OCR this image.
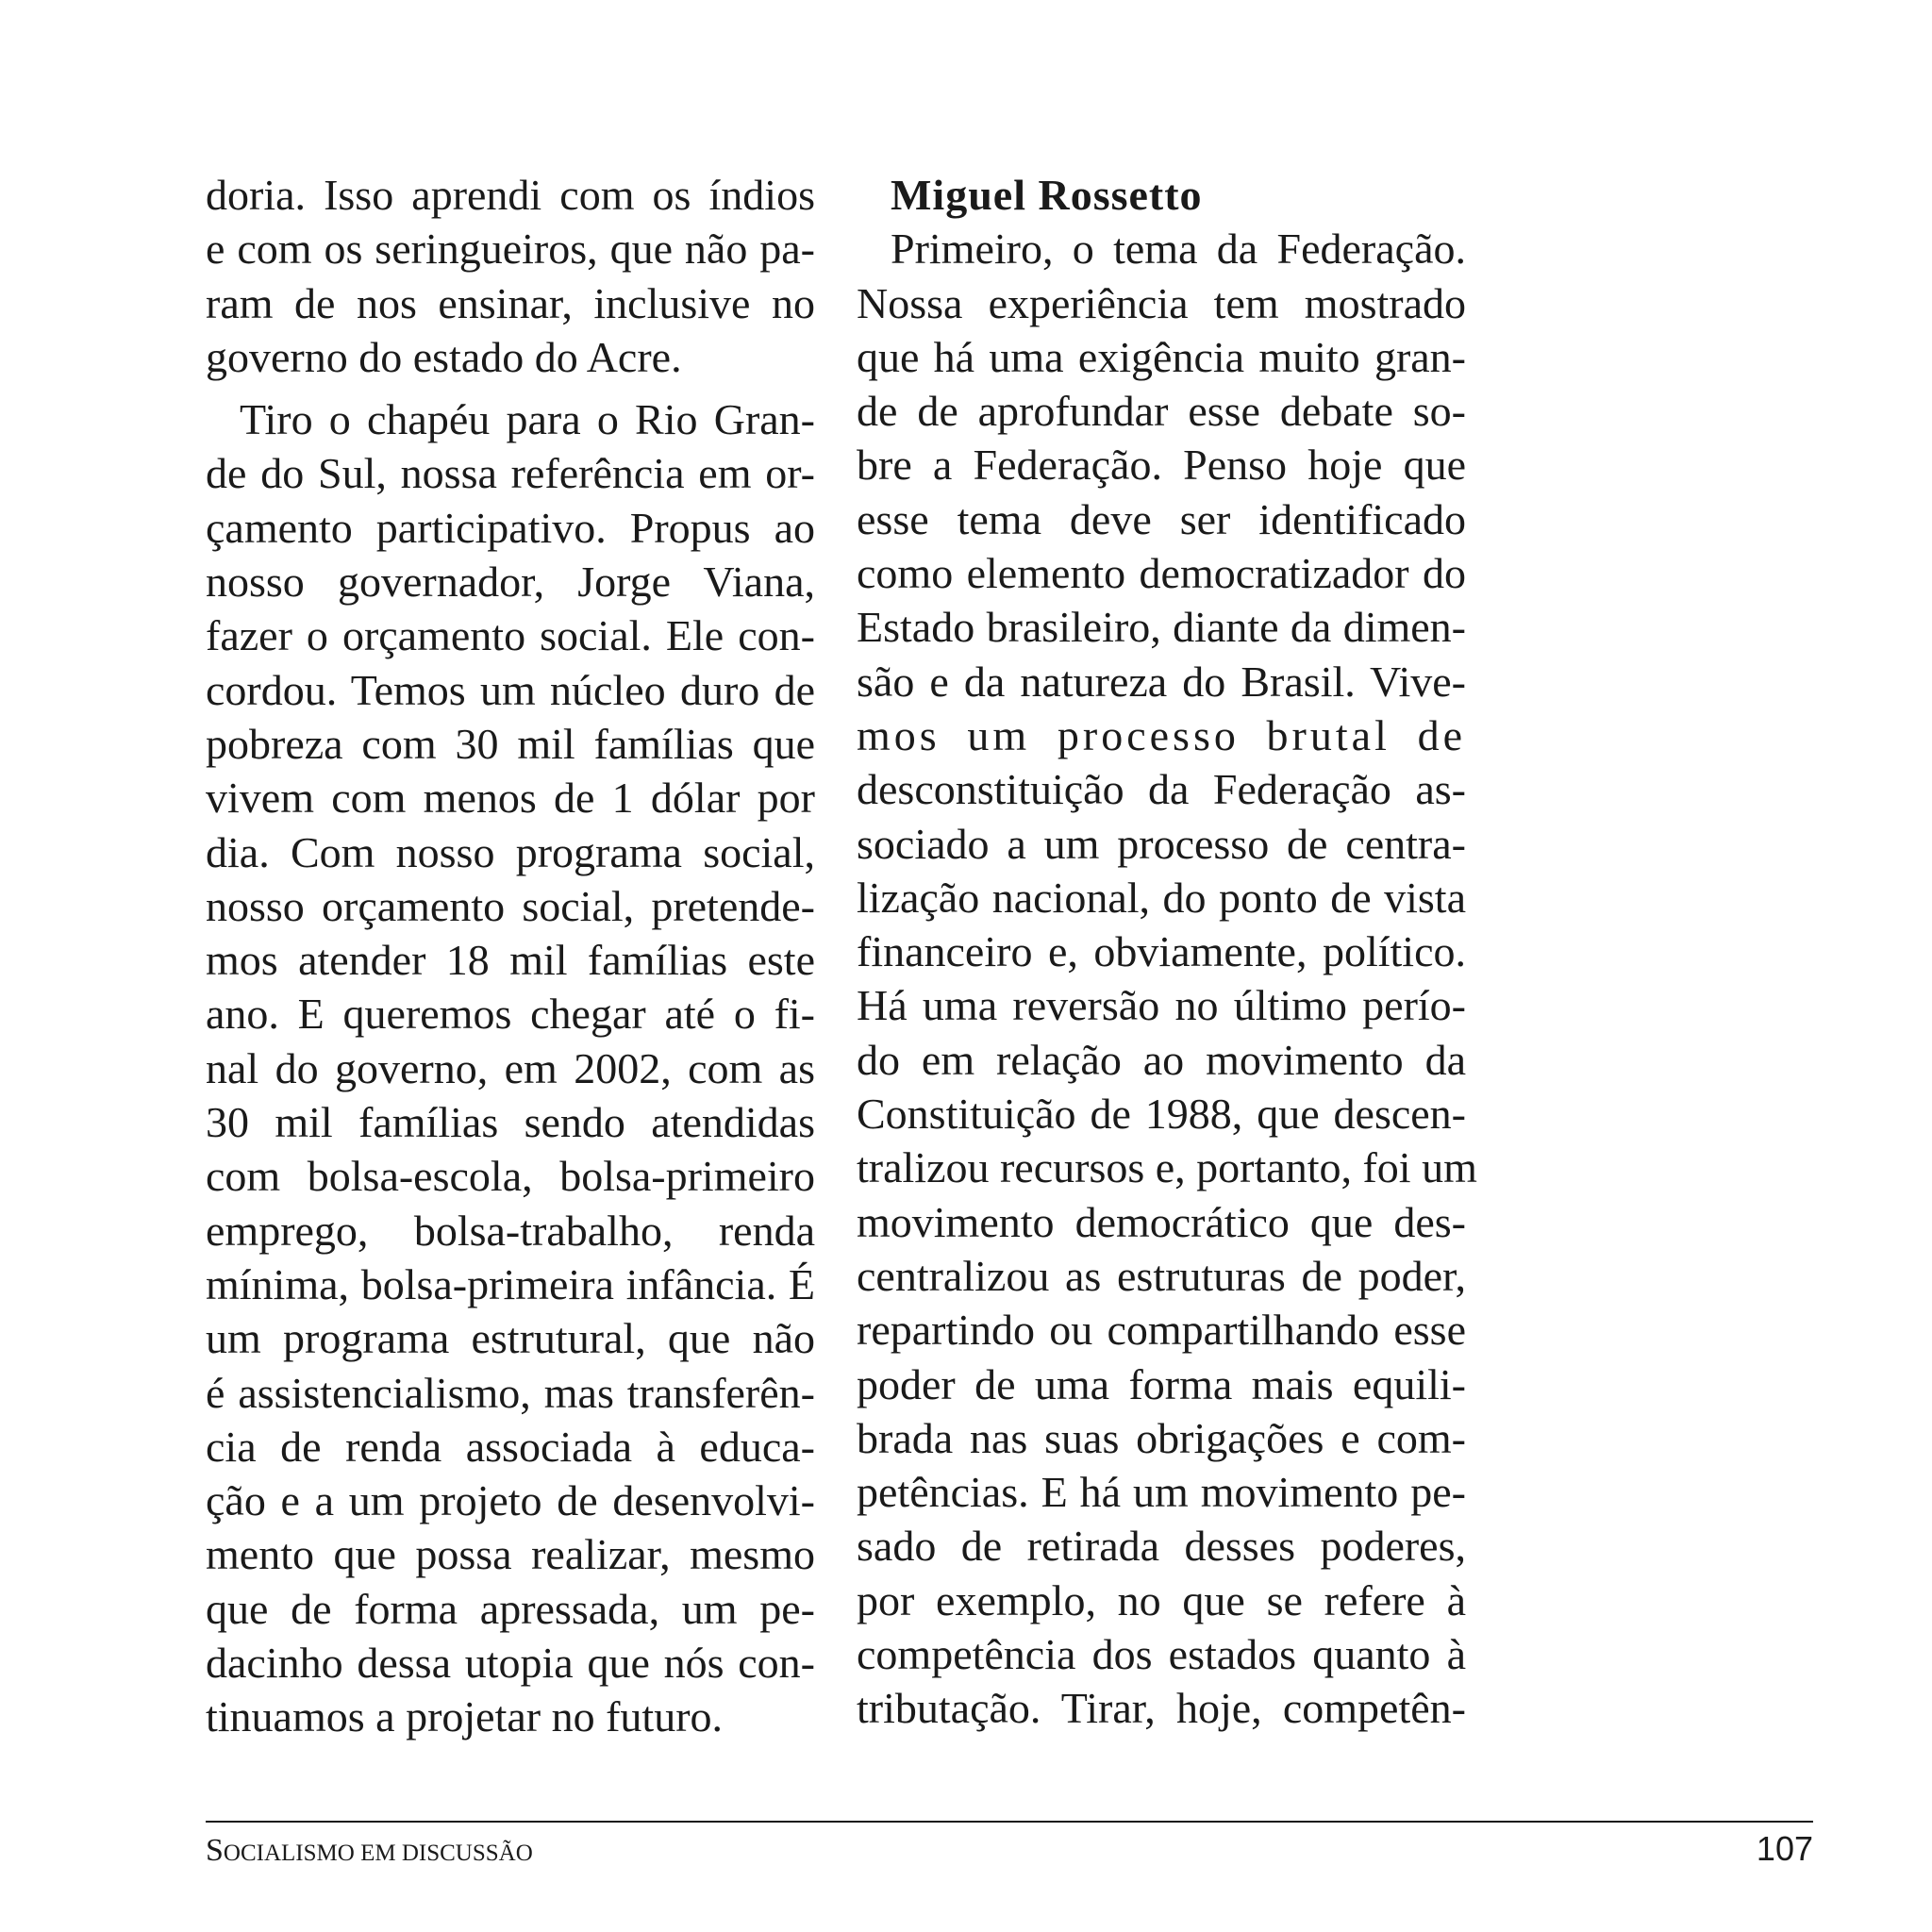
doria. Isso aprendi com os índios
e com os seringueiros, que não pa-
ram de nos ensinar, inclusive no
governo do estado do Acre.
Tiro o chapéu para o Rio Gran-
de do Sul, nossa referência em or-
çamento participativo. Propus ao
nosso governador, Jorge Viana,
fazer o orçamento social. Ele con-
cordou. Temos um núcleo duro de
pobreza com 30 mil famílias que
vivem com menos de 1 dólar por
dia. Com nosso programa social,
nosso orçamento social, pretende-
mos atender 18 mil famílias este
ano. E queremos chegar até o fi-
nal do governo, em 2002, com as
30 mil famílias sendo atendidas
com bolsa-escola, bolsa-primeiro
emprego, bolsa-trabalho, renda
mínima, bolsa-primeira infância. É
um programa estrutural, que não
é assistencialismo, mas transferên-
cia de renda associada à educa-
ção e a um projeto de desenvolvi-
mento que possa realizar, mesmo
que de forma apressada, um pe-
dacinho dessa utopia que nós con-
tinuamos a projetar no futuro.
Miguel Rossetto
Primeiro, o tema da Federação.
Nossa experiência tem mostrado
que há uma exigência muito gran-
de de aprofundar esse debate so-
bre a Federação. Penso hoje que
esse tema deve ser identificado
como elemento democratizador do
Estado brasileiro, diante da dimen-
são e da natureza do Brasil. Vive-
mos um processo brutal de
desconstituição da Federação as-
sociado a um processo de centra-
lização nacional, do ponto de vista
financeiro e, obviamente, político.
Há uma reversão no último perío-
do em relação ao movimento da
Constituição de 1988, que descen-
tralizou recursos e, portanto, foi um
movimento democrático que des-
centralizou as estruturas de poder,
repartindo ou compartilhando esse
poder de uma forma mais equili-
brada nas suas obrigações e com-
petências. E há um movimento pe-
sado de retirada desses poderes,
por exemplo, no que se refere à
competência dos estados quanto à
tributação. Tirar, hoje, competên-
SOCIALISMO EM DISCUSSÃO	107
